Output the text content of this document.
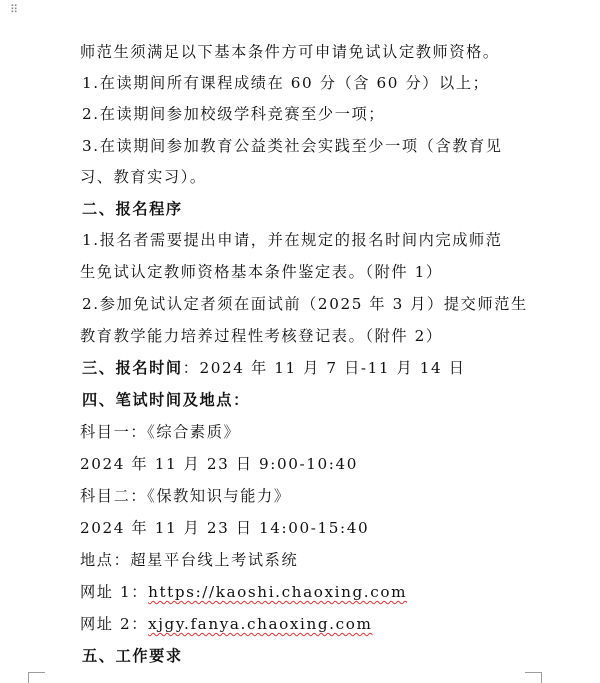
⠿
师范生须满足以下基本条件方可申请免试认定教师资格。
1.在读期间所有课程成绩在 60 分（含 60 分）以上；
2.在读期间参加校级学科竞赛至少一项；
3.在读期间参加教育公益类社会实践至少一项（含教育见
习、教育实习）。
二、报名程序
1.报名者需要提出申请，并在规定的报名时间内完成师范
生免试认定教师资格基本条件鉴定表。（附件 1）
2.参加免试认定者须在面试前（2025 年 3 月）提交师范生
教育教学能力培养过程性考核登记表。（附件 2）
三、报名时间：2024 年 11 月 7 日-11 月 14 日
四、笔试时间及地点：
科目一：《综合素质》
2024 年 11 月 23 日 9:00-10:40
科目二：《保教知识与能力》
2024 年 11 月 23 日 14:00-15:40
地点：超星平台线上考试系统
网址 1：https://kaoshi.chaoxing.com
网址 2：xjgy.fanya.chaoxing.com
五、工作要求
